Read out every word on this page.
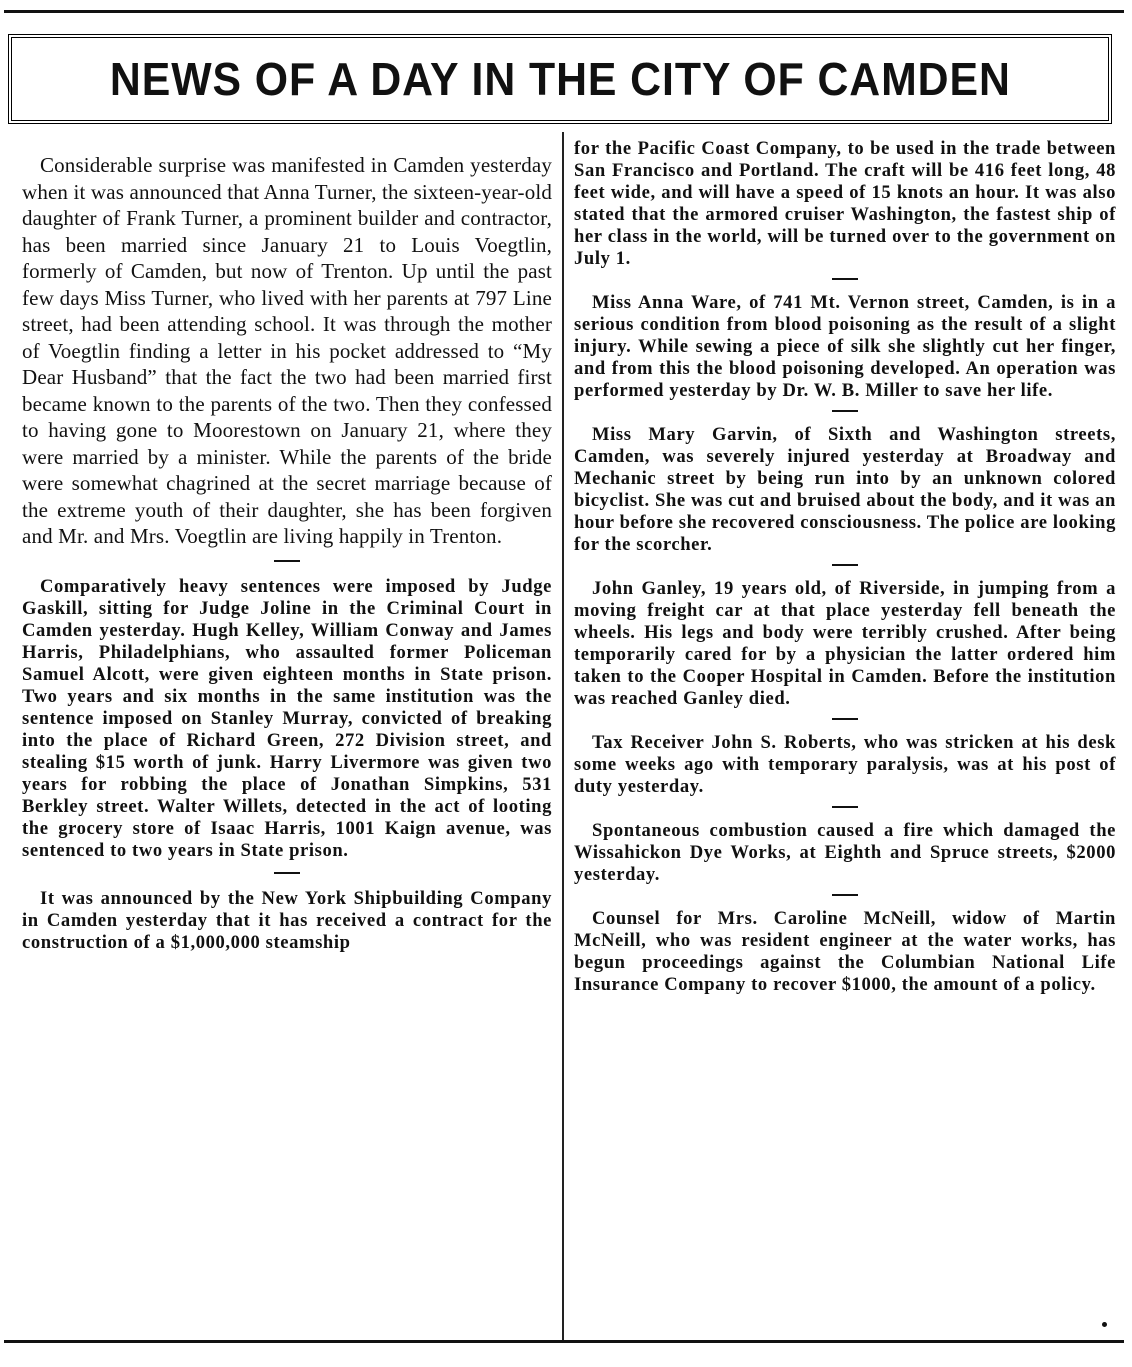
NEWS OF A DAY IN THE CITY OF CAMDEN

Considerable surprise was manifested in Camden yesterday when it was announced that Anna Turner, the sixteen-year-old daughter of Frank Turner, a prominent builder and contractor, has been married since January 21 to Louis Voegtlin, formerly of Camden, but now of Trenton. Up until the past few days Miss Turner, who lived with her parents at 797 Line street, had been attending school. It was through the mother of Voegtlin finding a letter in his pocket addressed to “My Dear Husband” that the fact the two had been married first became known to the parents of the two. Then they confessed to having gone to Moorestown on January 21, where they were married by a minister. While the parents of the bride were somewhat chagrined at the secret marriage because of the extreme youth of their daughter, she has been forgiven and Mr. and Mrs. Voegtlin are living happily in Trenton.

Comparatively heavy sentences were imposed by Judge Gaskill, sitting for Judge Joline in the Criminal Court in Camden yesterday. Hugh Kelley, William Conway and James Harris, Philadelphians, who assaulted former Policeman Samuel Alcott, were given eighteen months in State prison. Two years and six months in the same institution was the sentence imposed on Stanley Murray, convicted of breaking into the place of Richard Green, 272 Division street, and stealing $15 worth of junk. Harry Livermore was given two years for robbing the place of Jonathan Simpkins, 531 Berkley street. Walter Willets, detected in the act of looting the grocery store of Isaac Harris, 1001 Kaign avenue, was sentenced to two years in State prison.

It was announced by the New York Shipbuilding Company in Camden yesterday that it has received a contract for the construction of a $1,000,000 steamship

for the Pacific Coast Company, to be used in the trade between San Francisco and Portland. The craft will be 416 feet long, 48 feet wide, and will have a speed of 15 knots an hour. It was also stated that the armored cruiser Washington, the fastest ship of her class in the world, will be turned over to the government on July 1.

Miss Anna Ware, of 741 Mt. Vernon street, Camden, is in a serious condition from blood poisoning as the result of a slight injury. While sewing a piece of silk she slightly cut her finger, and from this the blood poisoning developed. An operation was performed yesterday by Dr. W. B. Miller to save her life.

Miss Mary Garvin, of Sixth and Washington streets, Camden, was severely injured yesterday at Broadway and Mechanic street by being run into by an unknown colored bicyclist. She was cut and bruised about the body, and it was an hour before she recovered consciousness. The police are looking for the scorcher.

John Ganley, 19 years old, of Riverside, in jumping from a moving freight car at that place yesterday fell beneath the wheels. His legs and body were terribly crushed. After being temporarily cared for by a physician the latter ordered him taken to the Cooper Hospital in Camden. Before the institution was reached Ganley died.

Tax Receiver John S. Roberts, who was stricken at his desk some weeks ago with temporary paralysis, was at his post of duty yesterday.

Spontaneous combustion caused a fire which damaged the Wissahickon Dye Works, at Eighth and Spruce streets, $2000 yesterday.

Counsel for Mrs. Caroline McNeill, widow of Martin McNeill, who was resident engineer at the water works, has begun proceedings against the Columbian National Life Insurance Company to recover $1000, the amount of a policy.
